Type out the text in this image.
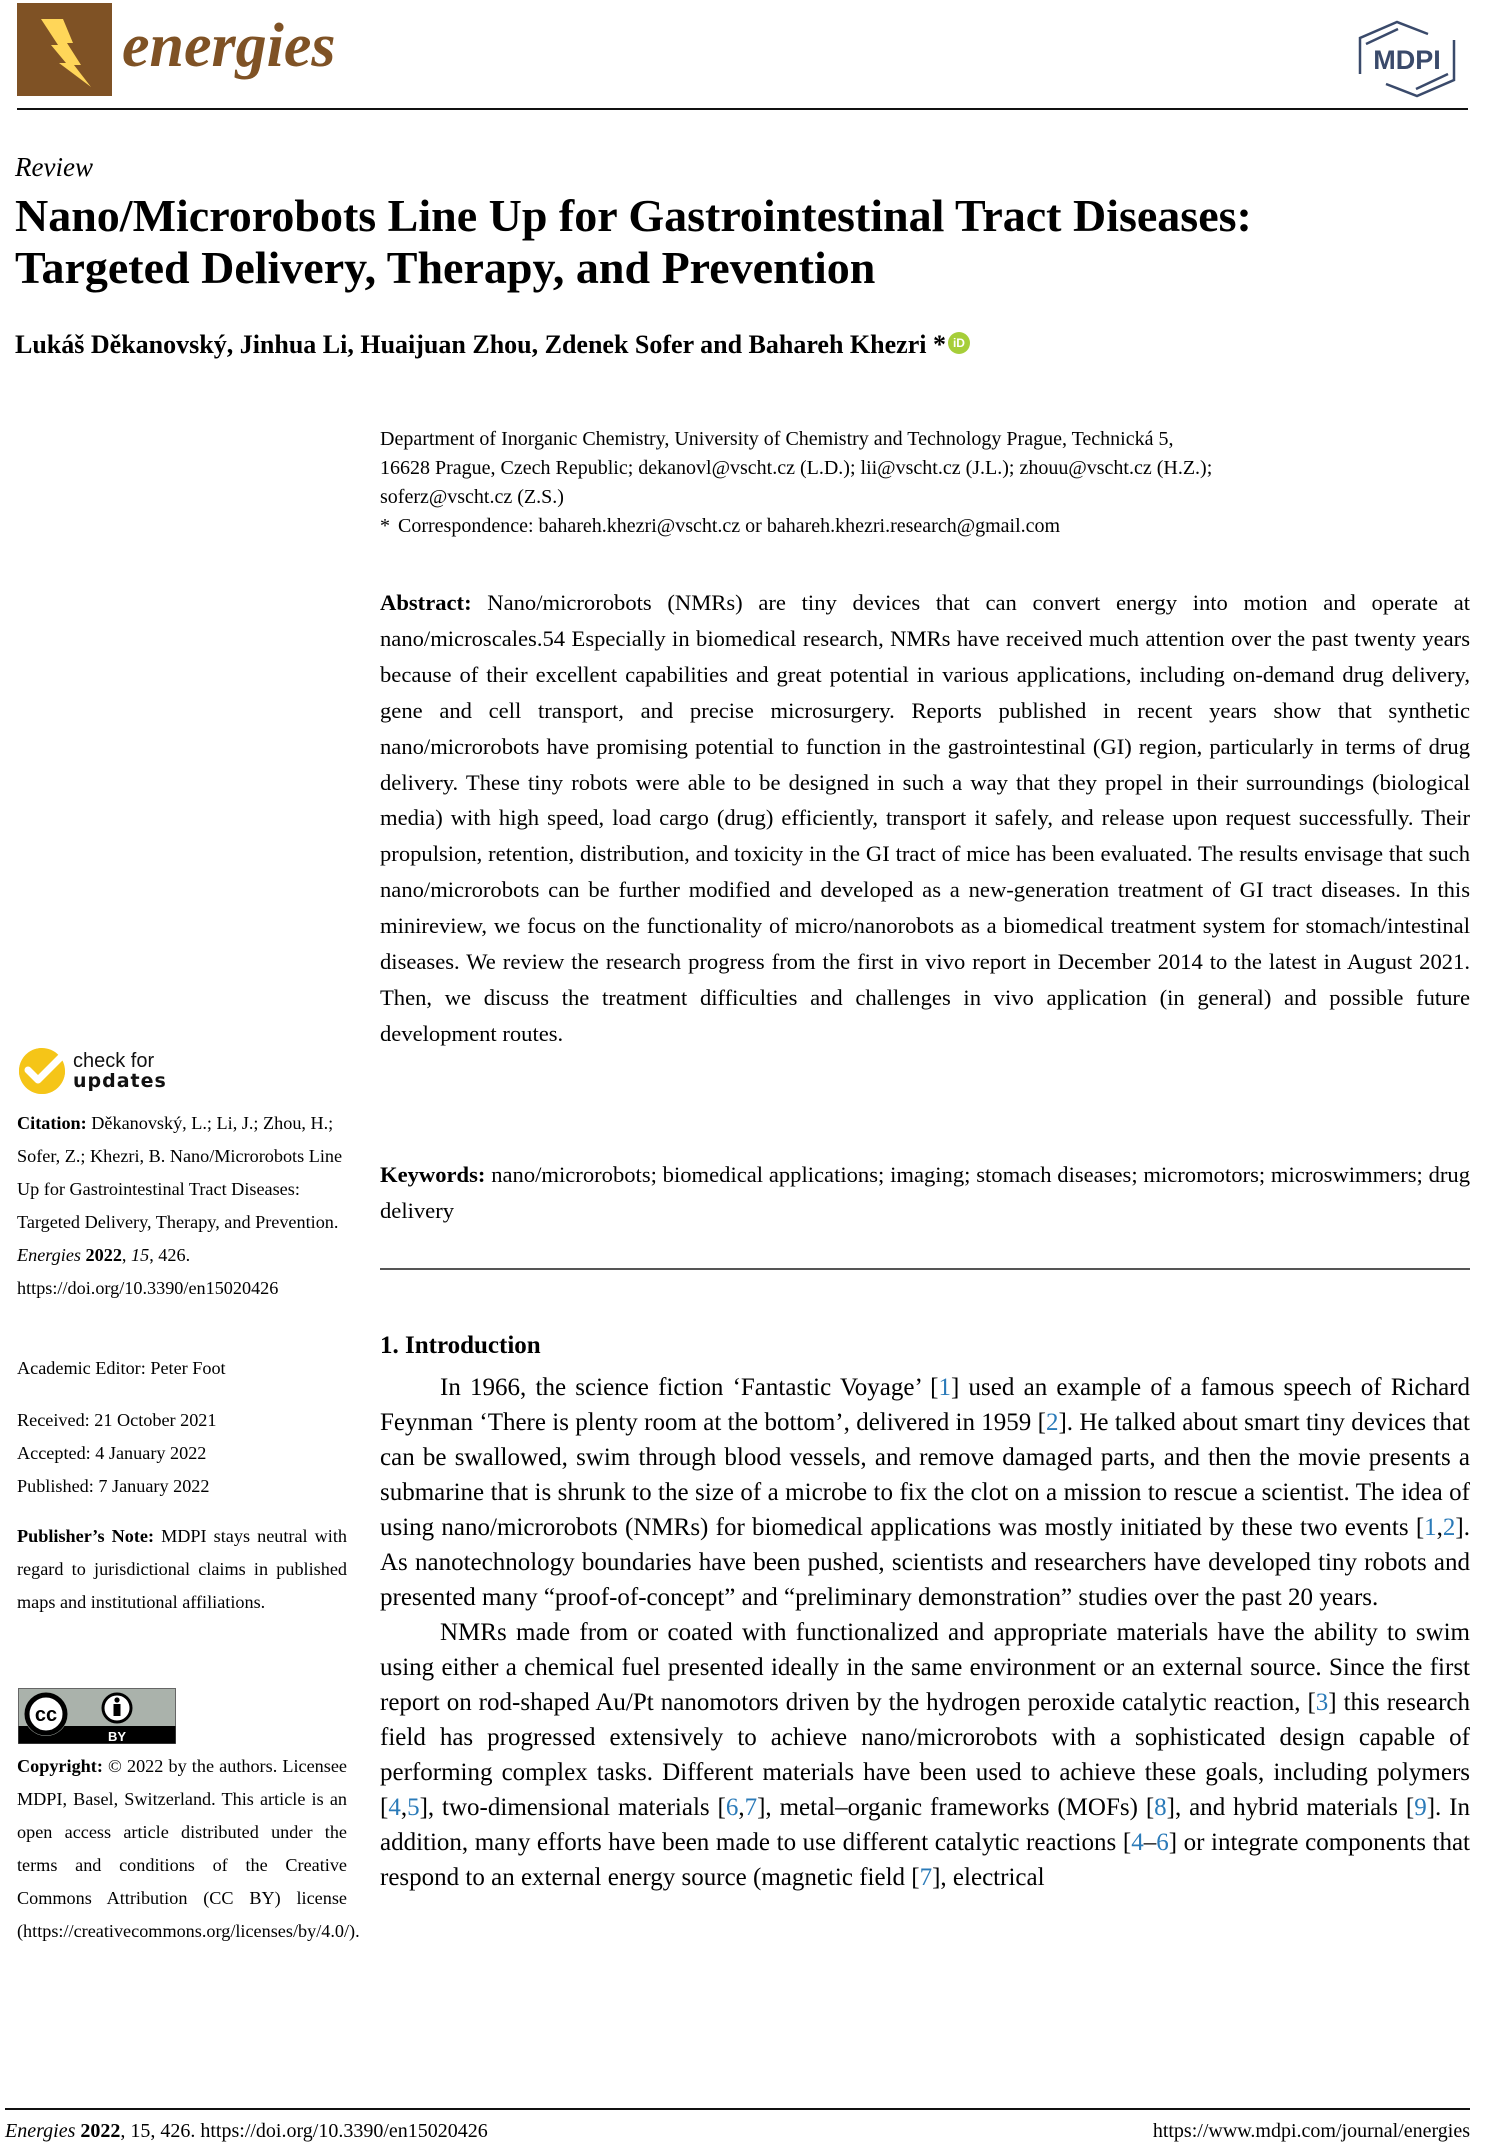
energies	MDPI
Review
Nano/Microrobots Line Up for Gastrointestinal Tract Diseases:
Targeted Delivery, Therapy, and Prevention
Lukáš Děkanovský, Jinhua Li, Huaijuan Zhou, Zdenek Sofer and Bahareh Khezri * iD
Department of Inorganic Chemistry, University of Chemistry and Technology Prague, Technická 5,
16628 Prague, Czech Republic; dekanovl@vscht.cz (L.D.); lii@vscht.cz (J.L.); zhouu@vscht.cz (H.Z.);
soferz@vscht.cz (Z.S.)
* Correspondence: bahareh.khezri@vscht.cz or bahareh.khezri.research@gmail.com
Abstract: Nano/microrobots (NMRs) are tiny devices that can convert energy into motion and operate at nano/microscales.54 Especially in biomedical research, NMRs have received much attention over the past twenty years because of their excellent capabilities and great potential in various applications, including on-demand drug delivery, gene and cell transport, and precise microsurgery. Reports published in recent years show that synthetic nano/microrobots have promising potential to function in the gastrointestinal (GI) region, particularly in terms of drug delivery. These tiny robots were able to be designed in such a way that they propel in their surroundings (biological media) with high speed, load cargo (drug) efficiently, transport it safely, and release upon request successfully. Their propulsion, retention, distribution, and toxicity in the GI tract of mice has been evaluated. The results envisage that such nano/microrobots can be further modified and developed as a new-generation treatment of GI tract diseases. In this minireview, we focus on the functionality of micro/nanorobots as a biomedical treatment system for stomach/intestinal diseases. We review the research progress from the first in vivo report in December 2014 to the latest in August 2021. Then, we discuss the treatment difficulties and challenges in vivo application (in general) and possible future development routes.
Keywords: nano/microrobots; biomedical applications; imaging; stomach diseases; micromotors; microswimmers; drug delivery
1. Introduction

In 1966, the science fiction ‘Fantastic Voyage’ [1] used an example of a famous speech of Richard Feynman ‘There is plenty room at the bottom’, delivered in 1959 [2]. He talked about smart tiny devices that can be swallowed, swim through blood vessels, and remove damaged parts, and then the movie presents a submarine that is shrunk to the size of a microbe to fix the clot on a mission to rescue a scientist. The idea of using nano/microrobots (NMRs) for biomedical applications was mostly initiated by these two events [1,2]. As nanotechnology boundaries have been pushed, scientists and researchers have developed tiny robots and presented many “proof-of-concept” and “preliminary demonstration” studies over the past 20 years.

NMRs made from or coated with functionalized and appropriate materials have the ability to swim using either a chemical fuel presented ideally in the same environment or an external source. Since the first report on rod-shaped Au/Pt nanomotors driven by the hydrogen peroxide catalytic reaction, [3] this research field has progressed extensively to achieve nano/microrobots with a sophisticated design capable of performing complex tasks. Different materials have been used to achieve these goals, including polymers [4,5], two-dimensional materials [6,7], metal–organic frameworks (MOFs) [8], and hybrid materials [9]. In addition, many efforts have been made to use different catalytic reactions [4–6] or integrate components that respond to an external energy source (magnetic field [7], electrical

check for
updates
Citation: Děkanovský, L.; Li, J.; Zhou, H.; Sofer, Z.; Khezri, B. Nano/Microrobots Line Up for Gastrointestinal Tract Diseases: Targeted Delivery, Therapy, and Prevention. Energies 2022, 15, 426. https://doi.org/10.3390/en15020426
Academic Editor: Peter Foot
Received: 21 October 2021
Accepted: 4 January 2022
Published: 7 January 2022
Publisher’s Note: MDPI stays neutral with regard to jurisdictional claims in published maps and institutional affiliations.
cc
BY
Copyright: © 2022 by the authors. Licensee MDPI, Basel, Switzerland. This article is an open access article distributed under the terms and conditions of the Creative Commons Attribution (CC BY) license (https://creativecommons.org/licenses/by/4.0/).
Energies 2022, 15, 426. https://doi.org/10.3390/en15020426	https://www.mdpi.com/journal/energies
